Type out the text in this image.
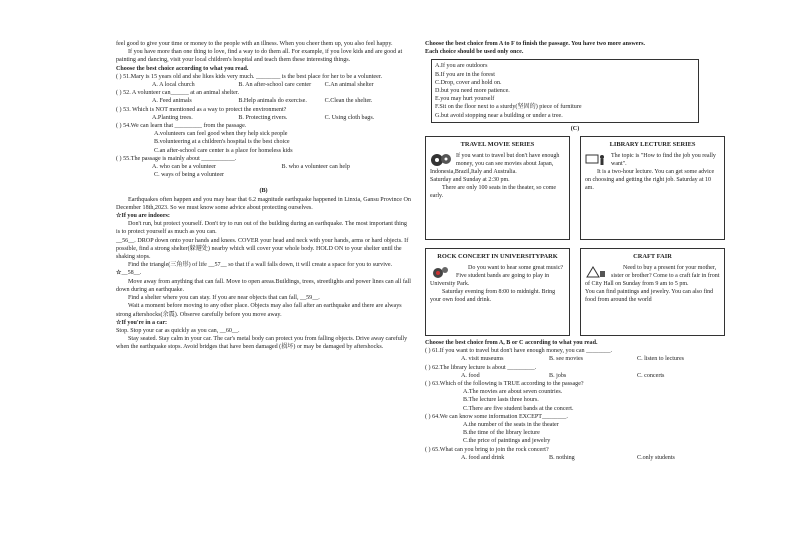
feel good to give your time or money to the people with an illness. When you cheer them up, you also feel happy.

If you have more than one thing to love, find a way to do them all. For example, if you love kids and are good at painting and dancing, visit your local children's hospital and teach them these interesting things.

Choose the best choice according to what you read.

( ) 51.Mary is 15 years old and she likes kids very much. ________ is the best place for her to be a volunteer.

A. A local church	B. An after-school care center	C.An animal shelter

( ) 52. A volunteer can______ at an animal shelter.

A. Feed animals	B.Help animals do exercise.	C.Clean the shelter.

( ) 53. Which is NOT mentioned as a way to protect the environment?

A.Planting trees.	B. Protecting rivers.	C. Using cloth bags.

( ) 54.We can learn that _________ from the passage.

A.volunteers can feel good when they help sick people

B.volunteering at a children's hospital is the best choice

C.an after-school care center is a place for homeless kids

( ) 55.The passage is mainly about ___________.

A. who can be a volunteer	B. who a volunteer can help

C. ways of being a volunteer

(B)

Earthquakes often happen and you may hear that 6.2 magnitude earthquake happened in Linxia, Gansu Province On December 18th,2023. So we must know some advice about protecting ourselves.

☆If you are indoors:

Don't run, but protect yourself. Don't try to run out of the building during an earthquake. The most important thing is to protect yourself as much as you can.

__56__. DROP down onto your hands and knees. COVER your head and neck with your hands, arms or hard objects. If possible, find a strong shelter(躲避处) nearby which will cover your whole body. HOLD ON to your shelter until the shaking stops.

Find the triangle(三角形) of life __57__ so that if a wall falls down, it will create a space for you to survive.

☆__58__.

Move away from anything that can fall. Move to open areas.Buildings, trees, streetlights and power lines can all fall down during an earthquake.

Find a shelter where you can stay. If you are near objects that can fall, __59__.

Wait a moment before moving to any other place. Objects may also fall after an earthquake and there are always strong aftershocks(余震). Observe carefully before you move away.

☆If you're in a car:

Stop. Stop your car as quickly as you can, __60__.

Stay seated. Stay calm in your car. The car's metal body can protect you from falling objects. Drive away carefully when the earthquake stops. Avoid bridges that have been damaged (损坏) or may be damaged by aftershocks.

Choose the best choice from A to F to finish the passage. You have two more answers.

Each choice should be used only once.

A.If you are outdoors

B.If you are in the forest

C.Drop, cover and hold on.

D.but you need more patience.

E.you may hurt yourself

F.Sit on the floor next to a sturdy(坚固的) piece of furniture

G.but avoid stopping near a building or under a tree.

(C)

TRAVEL MOVIE SERIES

If you want to travel but don't have enough money, you can see movies about Japan, Indonesia,Brazil,Italy and Australia.

Saturday and Sunday at 2:30 pm.

There are only 100 seats in the theater, so come early.

LIBRARY LECTURE SERIES

The topic is "How to find the job you really want".

It is a two-hour lecture. You can get some advice on choosing and getting the right job. Saturday at 10 am.

ROCK CONCERT IN UNIVERSITYPARK

Do you want to hear some great music? Five student bands are going to play in University Park.

Saturday evening from 8:00 to midnight. Bring your own food and drink.

CRAFT FAIR

Need to buy a present for your mother, sister or brother? Come to a craft fair in front of City Hall on Sunday from 9 am to 5 pm.

You can find paintings and jewelry. You can also find food from around the world

Choose the best choice from A, B or C according to what you read.

( ) 61.If you want to travel but don't have enough money, you can ________.

A. visit museums	B. see movies	C. listen to lectures

( ) 62.The library lecture is about _________.

A. food	B. jobs	C. concerts

( ) 63.Which of the following is TRUE according to the passage?

A.The movies are about seven countries.

B.The lecture lasts three hours.

C.There are five student bands at the concert.

( ) 64.We can know some information EXCEPT________.

A.the number of the seats in the theater

B.the time of the library lecture

C.the price of paintings and jewelry

( ) 65.What can you bring to join the rock concert?

A. food and drink	B. nothing	C.only students
